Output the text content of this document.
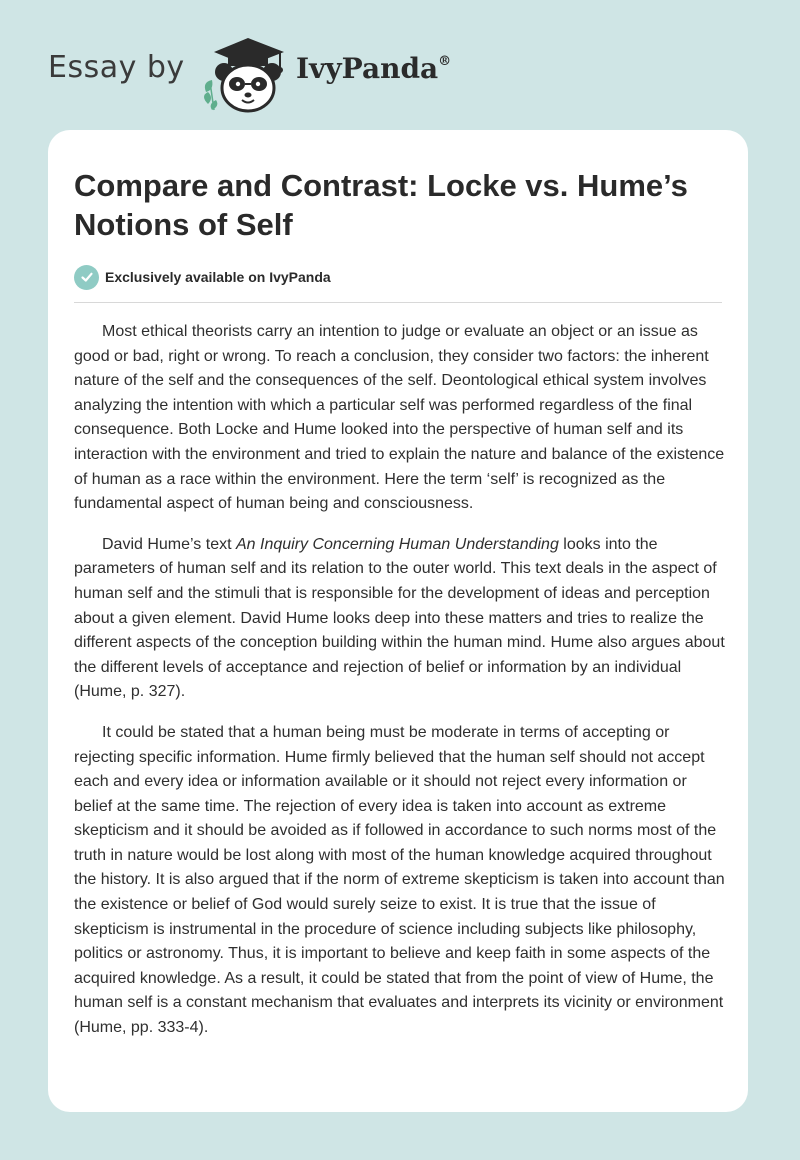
Essay by	IvyPanda®
Compare and Contrast: Locke vs. Hume’s Notions of Self
Exclusively available on IvyPanda

Most ethical theorists carry an intention to judge or evaluate an object or an issue as good or bad, right or wrong. To reach a conclusion, they consider two factors: the inherent nature of the self and the consequences of the self. Deontological ethical system involves analyzing the intention with which a particular self was performed regardless of the final consequence. Both Locke and Hume looked into the perspective of human self and its interaction with the environment and tried to explain the nature and balance of the existence of human as a race within the environment. Here the term ‘self’ is recognized as the fundamental aspect of human being and consciousness.

David Hume’s text An Inquiry Concerning Human Understanding looks into the parameters of human self and its relation to the outer world. This text deals in the aspect of human self and the stimuli that is responsible for the development of ideas and perception about a given element. David Hume looks deep into these matters and tries to realize the different aspects of the conception building within the human mind. Hume also argues about the different levels of acceptance and rejection of belief or information by an individual (Hume, p. 327).

It could be stated that a human being must be moderate in terms of accepting or rejecting specific information. Hume firmly believed that the human self should not accept each and every idea or information available or it should not reject every information or belief at the same time. The rejection of every idea is taken into account as extreme skepticism and it should be avoided as if followed in accordance to such norms most of the truth in nature would be lost along with most of the human knowledge acquired throughout the history. It is also argued that if the norm of extreme skepticism is taken into account than the existence or belief of God would surely seize to exist. It is true that the issue of skepticism is instrumental in the procedure of science including subjects like philosophy, politics or astronomy. Thus, it is important to believe and keep faith in some aspects of the acquired knowledge. As a result, it could be stated that from the point of view of Hume, the human self is a constant mechanism that evaluates and interprets its vicinity or environment (Hume, pp. 333-4).
